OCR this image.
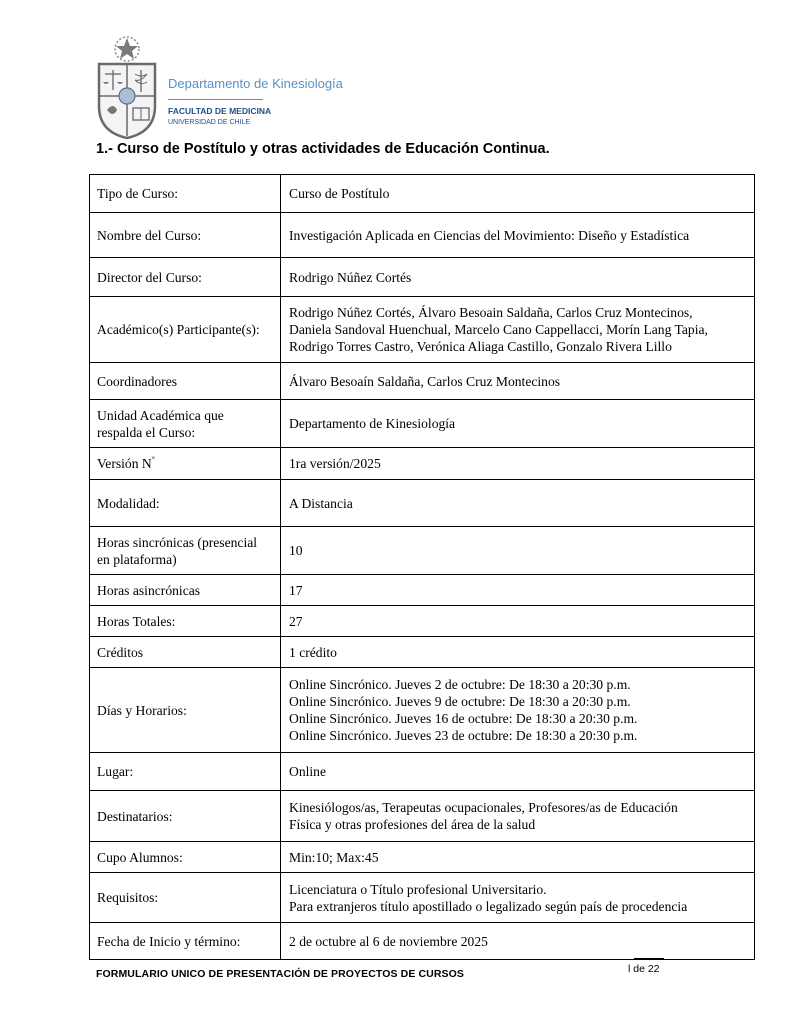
Departamento de Kinesiología
FACULTAD DE MEDICINA
UNIVERSIDAD DE CHILE
1.- Curso de Postítulo y otras actividades de Educación Continua.
Tipo de Curso:	Curso de Postítulo
Nombre del Curso:	Investigación Aplicada en Ciencias del Movimiento: Diseño y Estadística
Director del Curso:	Rodrigo Núñez Cortés
Académico(s) Participante(s):	Rodrigo Núñez Cortés, Álvaro Besoain Saldaña, Carlos Cruz Montecinos,
Daniela Sandoval Huenchual, Marcelo Cano Cappellacci, Morín Lang Tapia,
Rodrigo Torres Castro, Verónica Aliaga Castillo, Gonzalo Rivera Lillo

Coordinadores	Álvaro Besoaín Saldaña, Carlos Cruz Montecinos

Unidad Académica que
respalda el Curso:	Departamento de Kinesiología
Versión N°	1ra versión/2025
Modalidad:	A Distancia

Horas sincrónicas (presencial
en plataforma)	10
Horas asincrónicas	17
Horas Totales:	27
Créditos	1 crédito
Días y Horarios:	Online Sincrónico. Jueves 2 de octubre: De 18:30 a 20:30 p.m.
Online Sincrónico. Jueves 9 de octubre: De 18:30 a 20:30 p.m.
Online Sincrónico. Jueves 16 de octubre: De 18:30 a 20:30 p.m.
Online Sincrónico. Jueves 23 de octubre: De 18:30 a 20:30 p.m.

Lugar:	Online
Destinatarios:	Kinesiólogos/as, Terapeutas ocupacionales, Profesores/as de Educación
Física y otras profesiones del área de la salud

Cupo Alumnos:	Min:10; Max:45
Requisitos:	Licenciatura o Título profesional Universitario.
Para extranjeros título apostillado o legalizado según país de procedencia

Fecha de Inicio y término:	2 de octubre al 6 de noviembre 2025
FORMULARIO UNICO DE PRESENTACIÓN DE PROYECTOS DE CURSOS	l de 22
